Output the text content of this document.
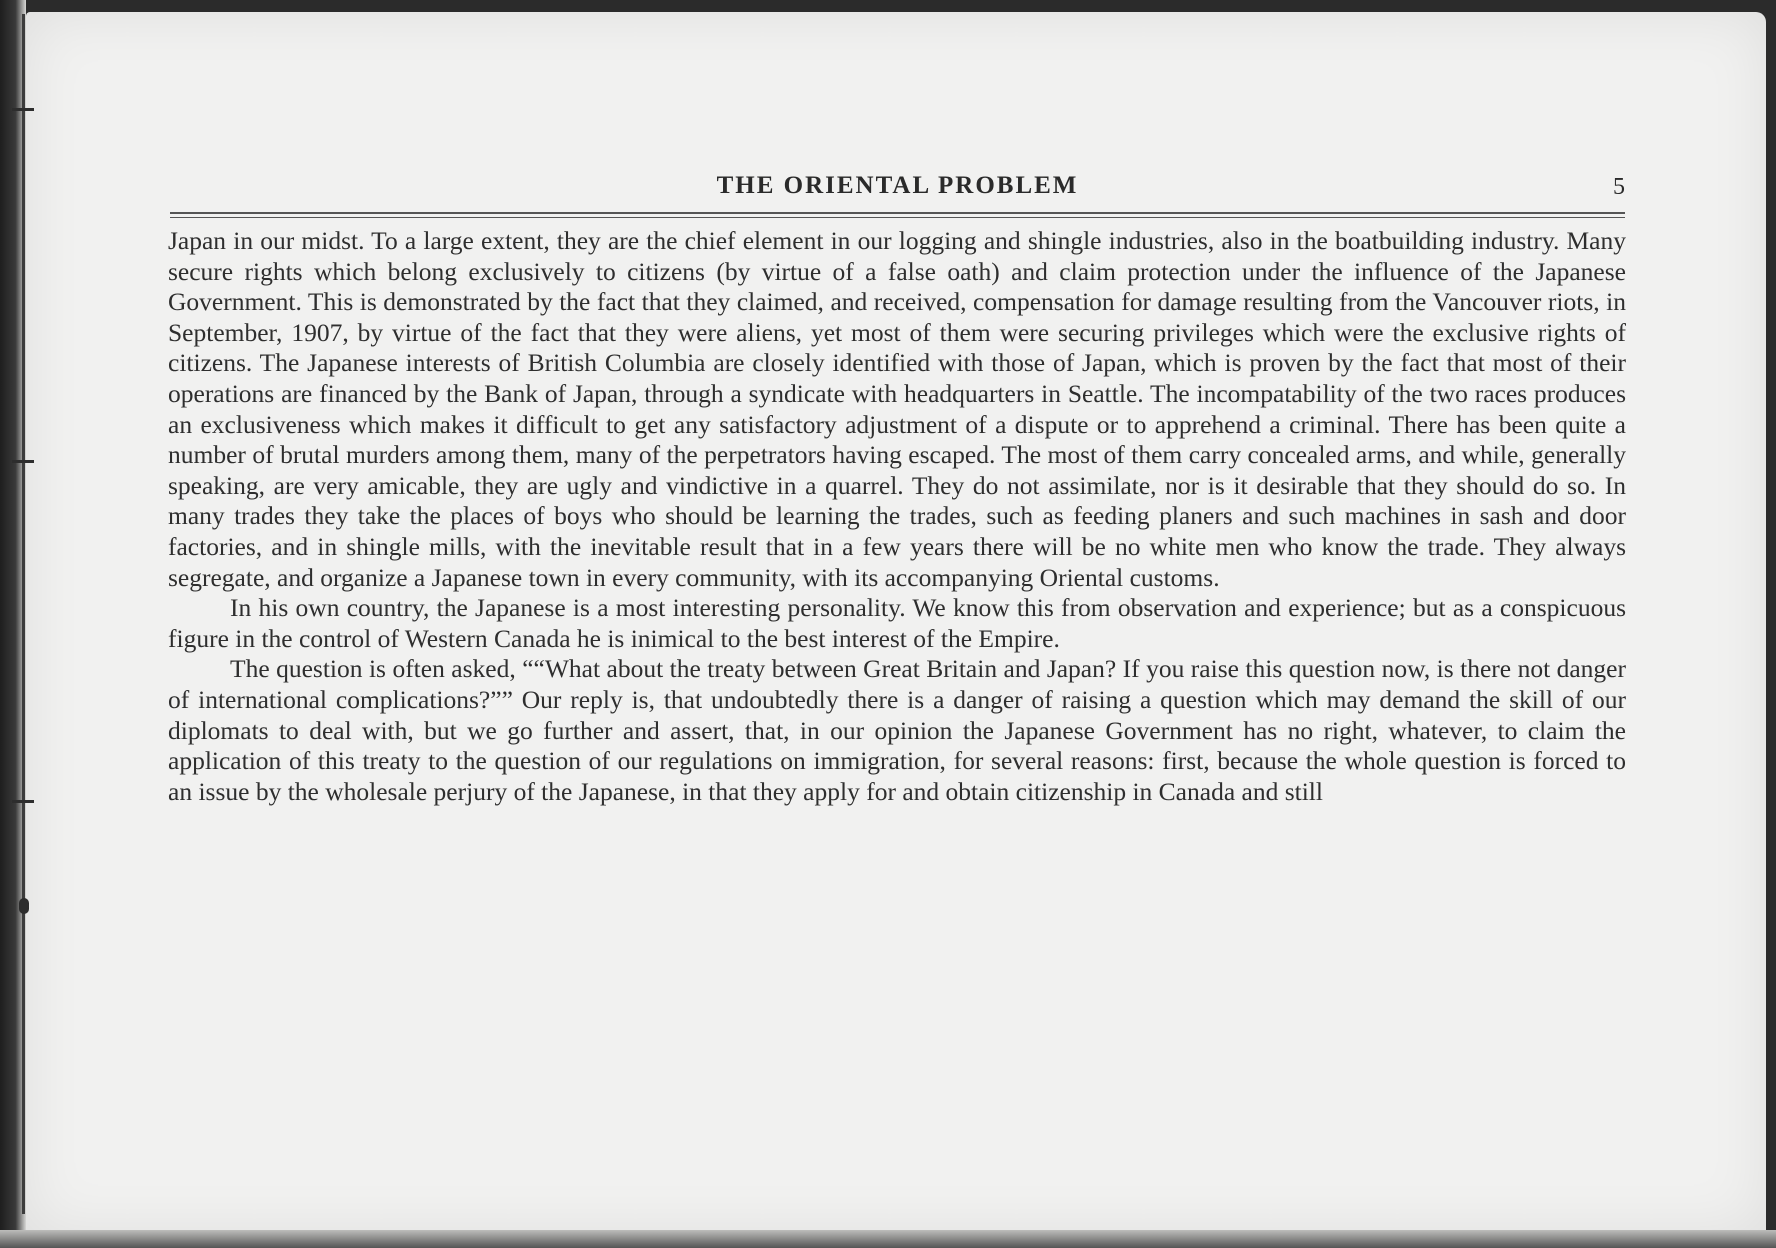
THE ORIENTAL PROBLEM	5

Japan in our midst. To a large extent, they are the chief element in our logging and shingle industries, also in the boatbuilding industry. Many secure rights which belong exclusively to citizens (by virtue of a false oath) and claim protection under the influence of the Japanese Government. This is demonstrated by the fact that they claimed, and received, compensation for damage resulting from the Vancouver riots, in September, 1907, by virtue of the fact that they were aliens, yet most of them were securing privileges which were the exclusive rights of citizens. The Japanese interests of British Columbia are closely identified with those of Japan, which is proven by the fact that most of their operations are financed by the Bank of Japan, through a syndicate with headquarters in Seattle. The incompatability of the two races produces an exclusiveness which makes it difficult to get any satisfactory adjustment of a dispute or to apprehend a criminal. There has been quite a number of brutal murders among them, many of the perpetrators having escaped. The most of them carry concealed arms, and while, generally speaking, are very amicable, they are ugly and vindictive in a quarrel. They do not assimilate, nor is it desirable that they should do so. In many trades they take the places of boys who should be learning the trades, such as feeding planers and such machines in sash and door factories, and in shingle mills, with the inevitable result that in a few years there will be no white men who know the trade. They always segregate, and organize a Japanese town in every community, with its accompanying Oriental customs.

In his own country, the Japanese is a most interesting personality. We know this from observation and experience; but as a conspicuous figure in the control of Western Canada he is inimical to the best interest of the Empire.

The question is often asked, ““What about the treaty between Great Britain and Japan? If you raise this question now, is there not danger of international complications?”” Our reply is, that undoubtedly there is a danger of raising a question which may demand the skill of our diplomats to deal with, but we go further and assert, that, in our opinion the Japanese Government has no right, whatever, to claim the application of this treaty to the question of our regulations on immigration, for several reasons: first, because the whole question is forced to an issue by the wholesale perjury of the Japanese, in that they apply for and obtain citizenship in Canada and still
